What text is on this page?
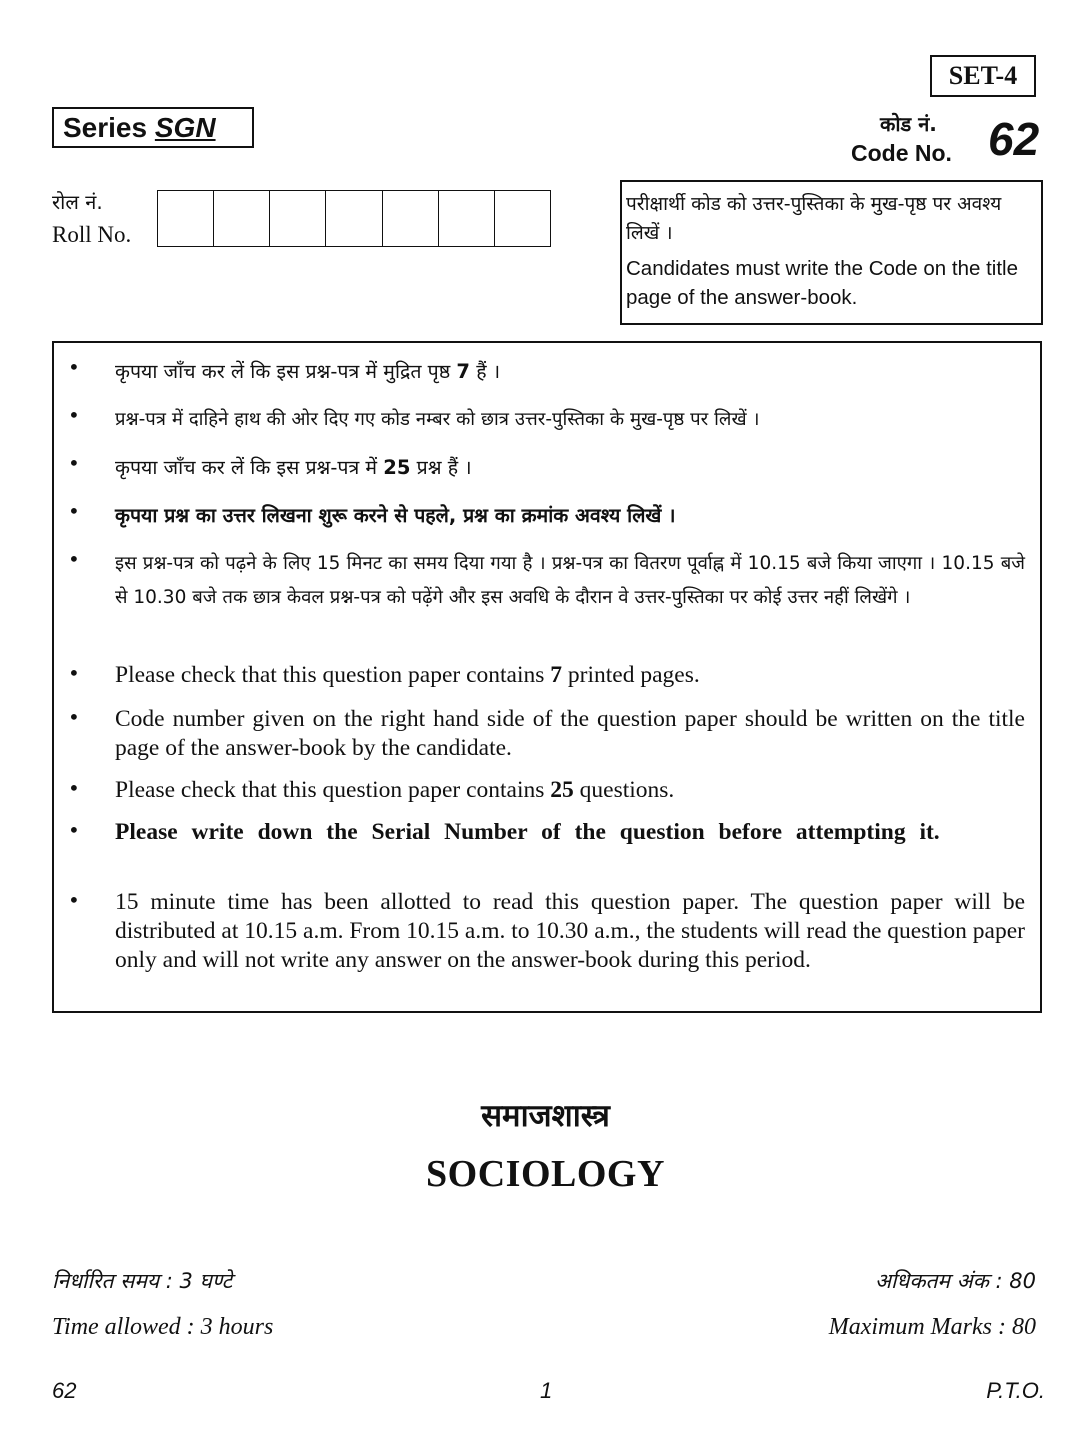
SET-4
Series SGN	कोड नं.
Code No. 62
रोल नं.
Roll No.
परीक्षार्थी कोड को उत्तर-पुस्तिका के मुख-पृष्ठ पर अवश्य लिखें ।
Candidates must write the Code on the title page of the answer-book.
• कृपया जाँच कर लें कि इस प्रश्न-पत्र में मुद्रित पृष्ठ 7 हैं ।
• प्रश्न-पत्र में दाहिने हाथ की ओर दिए गए कोड नम्बर को छात्र उत्तर-पुस्तिका के मुख-पृष्ठ पर लिखें ।
• कृपया जाँच कर लें कि इस प्रश्न-पत्र में 25 प्रश्न हैं ।
• कृपया प्रश्न का उत्तर लिखना शुरू करने से पहले, प्रश्न का क्रमांक अवश्य लिखें ।
• इस प्रश्न-पत्र को पढ़ने के लिए 15 मिनट का समय दिया गया है । प्रश्न-पत्र का वितरण पूर्वाह्न में 10.15 बजे किया जाएगा । 10.15 बजे से 10.30 बजे तक छात्र केवल प्रश्न-पत्र को पढ़ेंगे और इस अवधि के दौरान वे उत्तर-पुस्तिका पर कोई उत्तर नहीं लिखेंगे ।
• Please check that this question paper contains 7 printed pages.
• Code number given on the right hand side of the question paper should be written on the title page of the answer-book by the candidate.
• Please check that this question paper contains 25 questions.
• Please write down the Serial Number of the question before attempting it.
• 15 minute time has been allotted to read this question paper. The question paper will be distributed at 10.15 a.m. From 10.15 a.m. to 10.30 a.m., the students will read the question paper only and will not write any answer on the answer-book during this period.
समाजशास्त्र
SOCIOLOGY
निर्धारित समय : 3 घण्टे
Time allowed : 3 hours
अधिकतम अंक : 80
Maximum Marks : 80
62	1	P.T.O.
